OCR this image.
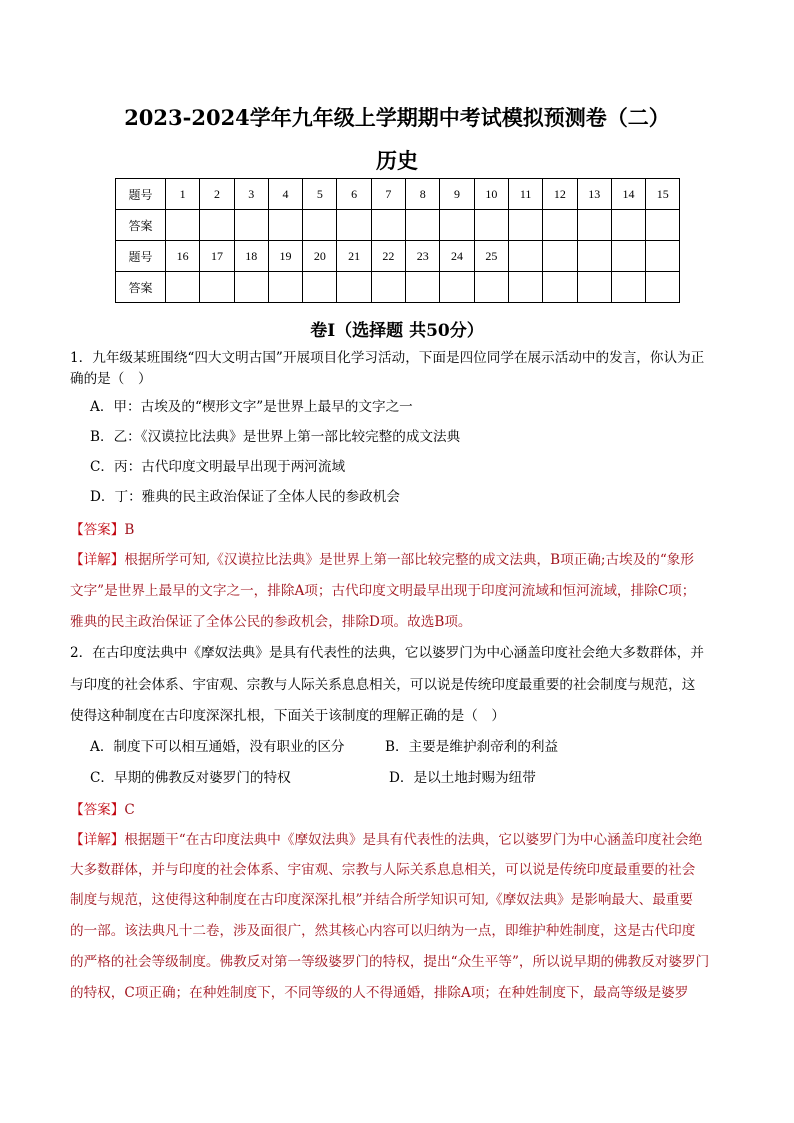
2023-2024学年九年级上学期期中考试模拟预测卷（二）
历史
题号	1	2	3	4	5	6	7	8	9	10	11	12	13	14	15
答案															
题号	16	17	18	19	20	21	22	23	24	25					
答案															
卷Ⅰ（选择题 共50分）
1．九年级某班围绕“四大文明古国”开展项目化学习活动，下面是四位同学在展示活动中的发言，你认为正
确的是（　）
A．甲：古埃及的“楔形文字”是世界上最早的文字之一
B．乙：《汉谟拉比法典》是世界上第一部比较完整的成文法典
C．丙：古代印度文明最早出现于两河流域
D．丁：雅典的民主政治保证了全体人民的参政机会
【答案】B
【详解】根据所学可知,《汉谟拉比法典》是世界上第一部比较完整的成文法典，B项正确;古埃及的“象形
文字”是世界上最早的文字之一，排除A项；古代印度文明最早出现于印度河流域和恒河流域，排除C项；
雅典的民主政治保证了全体公民的参政机会，排除D项。故选B项。
2．在古印度法典中《摩奴法典》是具有代表性的法典，它以婆罗门为中心涵盖印度社会绝大多数群体，并
与印度的社会体系、宇宙观、宗教与人际关系息息相关，可以说是传统印度最重要的社会制度与规范，这
使得这种制度在古印度深深扎根，下面关于该制度的理解正确的是（　）
A．制度下可以相互通婚，没有职业的区分	B．主要是维护刹帝利的利益
C．早期的佛教反对婆罗门的特权	D．是以土地封赐为纽带
【答案】C
【详解】根据题干“在古印度法典中《摩奴法典》是具有代表性的法典，它以婆罗门为中心涵盖印度社会绝
大多数群体，并与印度的社会体系、宇宙观、宗教与人际关系息息相关，可以说是传统印度最重要的社会
制度与规范，这使得这种制度在古印度深深扎根”并结合所学知识可知,《摩奴法典》是影响最大、最重要
的一部。该法典凡十二卷，涉及面很广，然其核心内容可以归纳为一点，即维护种姓制度，这是古代印度
的严格的社会等级制度。佛教反对第一等级婆罗门的特权，提出“众生平等”，所以说早期的佛教反对婆罗门
的特权，C项正确；在种姓制度下，不同等级的人不得通婚，排除A项；在种姓制度下，最高等级是婆罗
